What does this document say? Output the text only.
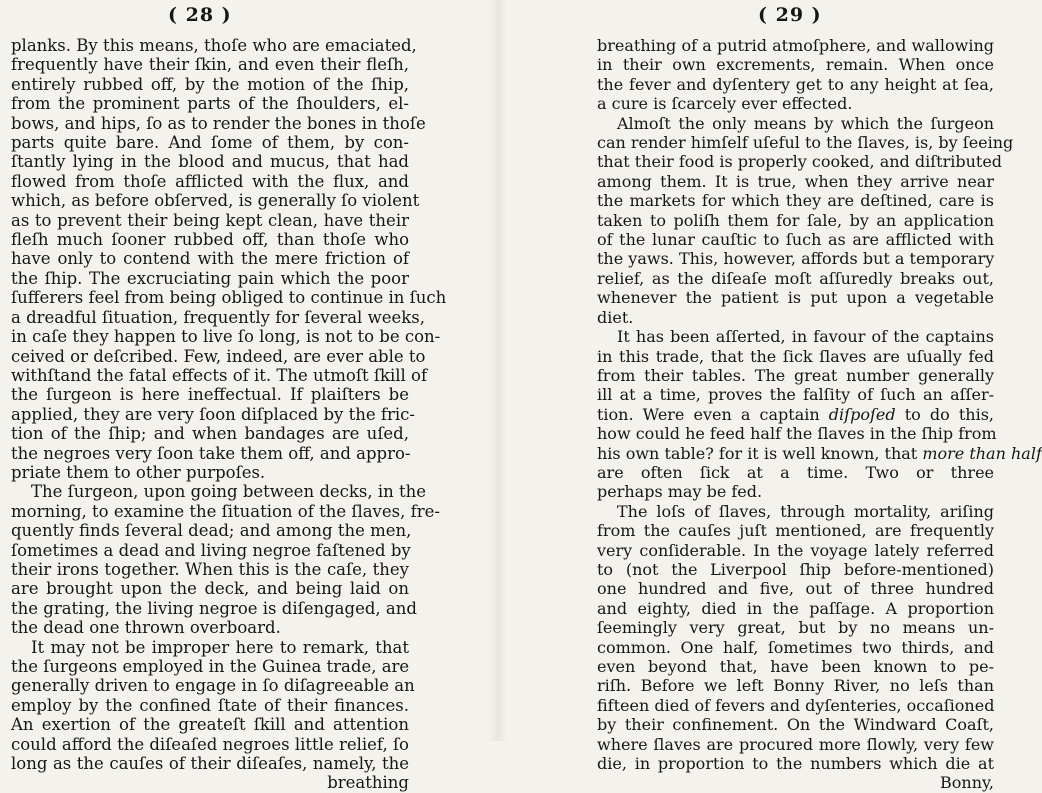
( 28 )

planks. By this means, thoſe who are emaciated,
frequently have their ſkin, and even their fleſh,
entirely rubbed off, by the motion of the ſhip,
from the prominent parts of the ſhoulders, el-
bows, and hips, ſo as to render the bones in thoſe
parts quite bare. And ſome of them, by con-
ſtantly lying in the blood and mucus, that had
flowed from thoſe afflicted with the flux, and
which, as before obſerved, is generally ſo violent
as to prevent their being kept clean, have their
fleſh much ſooner rubbed off, than thoſe who
have only to contend with the mere friction of
the ſhip. The excruciating pain which the poor
ſufferers feel from being obliged to continue in ſuch
a dreadful ſituation, frequently for ſeveral weeks,
in caſe they happen to live ſo long, is not to be con-
ceived or deſcribed. Few, indeed, are ever able to
withſtand the fatal effects of it. The utmoſt ſkill of
the ſurgeon is here ineffectual. If plaiſters be
applied, they are very ſoon diſplaced by the fric-
tion of the ſhip; and when bandages are uſed,
the negroes very ſoon take them off, and appro-
priate them to other purpoſes.
The ſurgeon, upon going between decks, in the
morning, to examine the ſituation of the ſlaves, fre-
quently finds ſeveral dead; and among the men,
ſometimes a dead and living negroe faſtened by
their irons together. When this is the caſe, they
are brought upon the deck, and being laid on
the grating, the living negroe is diſengaged, and
the dead one thrown overboard.
It may not be improper here to remark, that
the ſurgeons employed in the Guinea trade, are
generally driven to engage in ſo diſagreeable an
employ by the confined ſtate of their finances.
An exertion of the greateſt ſkill and attention
could afford the diſeaſed negroes little relief, ſo
long as the cauſes of their diſeaſes, namely, the
breathing

( 29 )

breathing of a putrid atmoſphere, and wallowing
in their own excrements, remain. When once
the fever and dyſentery get to any height at ſea,
a cure is ſcarcely ever effected.
Almoſt the only means by which the ſurgeon
can render himſelf uſeful to the ſlaves, is, by ſeeing
that their food is properly cooked, and diſtributed
among them. It is true, when they arrive near
the markets for which they are deſtined, care is
taken to poliſh them for ſale, by an application
of the lunar cauſtic to ſuch as are afflicted with
the yaws. This, however, affords but a temporary
relief, as the diſeaſe moſt aſſuredly breaks out,
whenever the patient is put upon a vegetable
diet.
It has been aſſerted, in favour of the captains
in this trade, that the ſick ſlaves are uſually fed
from their tables. The great number generally
ill at a time, proves the falſity of ſuch an aſſer-
tion. Were even a captain diſpoſed to do this,
how could he feed half the ſlaves in the ſhip from
his own table? for it is well known, that more than half
are often ſick at a time. Two or three
perhaps may be fed.
The loſs of ſlaves, through mortality, ariſing
from the cauſes juſt mentioned, are frequently
very conſiderable. In the voyage lately referred
to (not the Liverpool ſhip before-mentioned)
one hundred and five, out of three hundred
and eighty, died in the paſſage. A proportion
ſeemingly very great, but by no means un-
common. One half, ſometimes two thirds, and
even beyond that, have been known to pe-
riſh. Before we left Bonny River, no leſs than
fifteen died of fevers and dyſenteries, occaſioned
by their confinement. On the Windward Coaſt,
where ſlaves are procured more ſlowly, very few
die, in proportion to the numbers which die at
Bonny,
